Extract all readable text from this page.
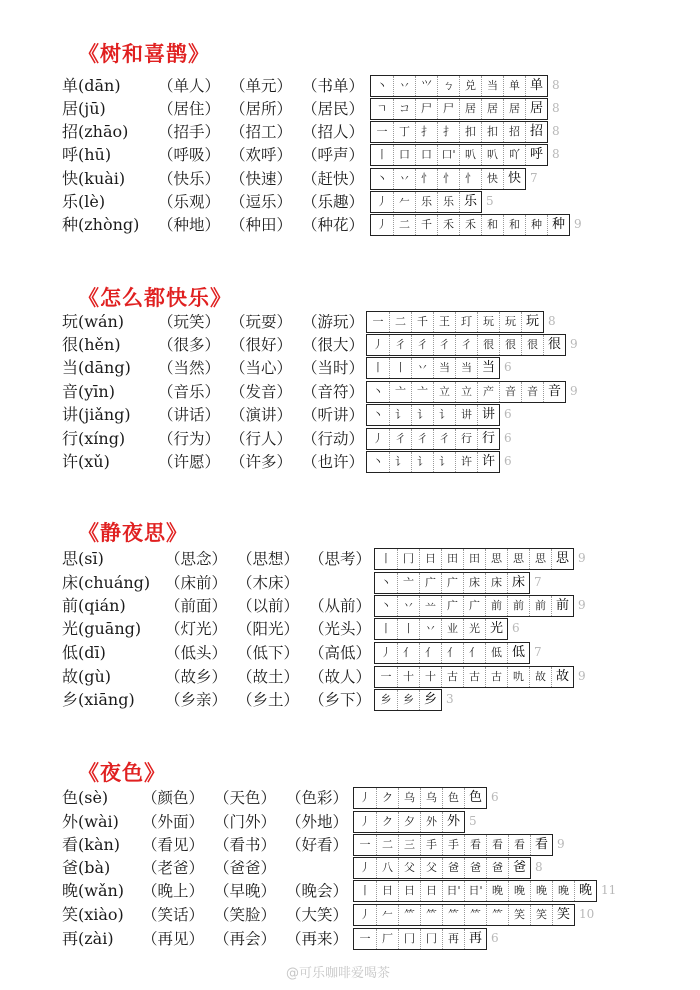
《树和喜鹊》
单(dān) （单人） （单元） （书单）	丶	丷	⺍	ㄅ	兑	当	单 单 8
居(jū)	（居住） （居所） （居民）	ㄱ	コ	尸	尸	居	居	居 居 8
招(zhāo) （招手） （招工） （招人）	一	丁	扌	扌	扣	扣	招 招 8
呼(hū)	（呼吸） （欢呼） （呼声）	丨	口	口 口' 叭	叭	吖 呼 8
快(kuài) （快乐） （快速） （赶快）	丶	丷	忄	忄	忄	快 快 7
乐(lè)	（乐观） （逗乐） （乐趣）	丿	𠂉	乐	乐 乐 5
种(zhòng) （种地） （种田） （种花）	丿	二	千	禾	禾	和	和	种 种 9
《怎么都快乐》
玩(wán) （玩笑） （玩耍） （游玩） 一	二	千	王	玎	玩	玩 玩 8
很(hěn) （很多） （很好） （很大） 丿	彳	彳	彳	彳	很	很	很 很 9
当(dāng) （当然） （当心） （当时） 丨	丨	丷	当	当 当 6
音(yīn)	（音乐） （发音） （音符） 丶	亠	亠	立	立	产	音	音 音 9
讲(jiǎng) （讲话） （演讲） （听讲） 丶	讠	讠	讠	讲 讲 6
行(xíng) （行为） （行人） （行动） 丿	彳	彳	彳	行 行 6
许(xǔ)	（许愿） （许多） （也许） 丶	讠	讠	讠	许 许 6
《静夜思》
思(sī)	（思念） （思想） （思考） 丨	冂	日	田	田	思	思	思 思 9
床(chuáng) （床前） （木床）	丶	亠	广	广	床	床 床 7
前(qián)	（前面） （以前） （从前） 丶	丷	䒑	广	广	前	前	前 前 9
光(guāng) （灯光） （阳光） （光头） 丨	丨	丷	业	光 光 6
低(dī)	（低头） （低下） （高低） 丿	亻	亻	亻	亻	低 低 7
故(gù)	（故乡） （故土） （故人） 一	十	十	古	古	古	㕤	故 故 9
乡(xiāng) （乡亲） （乡土） （乡下） 乡	乡 乡 3
《夜色》
色(sè) （颜色） （天色） （色彩）	丿	ク	乌	乌	色 色 6
外(wài) （外面） （门外） （外地）	丿	ク	夕	外 外 5
看(kàn) （看见） （看书） （好看）	一	二	三	手	手	看	看	看 看 9
爸(bà) （老爸） （爸爸）	丿	八	父	父	爸	爸	爸 爸 8
晚(wǎn) （晚上） （早晚） （晚会）	丨	日	日	日 日' 日' 晚	晚	晚	晚 晚 11
笑(xiào) （笑话） （笑脸） （大笑）	丿	𠂉	⺮	⺮	⺮	⺮	⺮	笑	笑 笑 10
再(zài) （再见） （再会） （再来）	一	厂	冂	冂	再 再 6
@可乐咖啡爱喝茶
